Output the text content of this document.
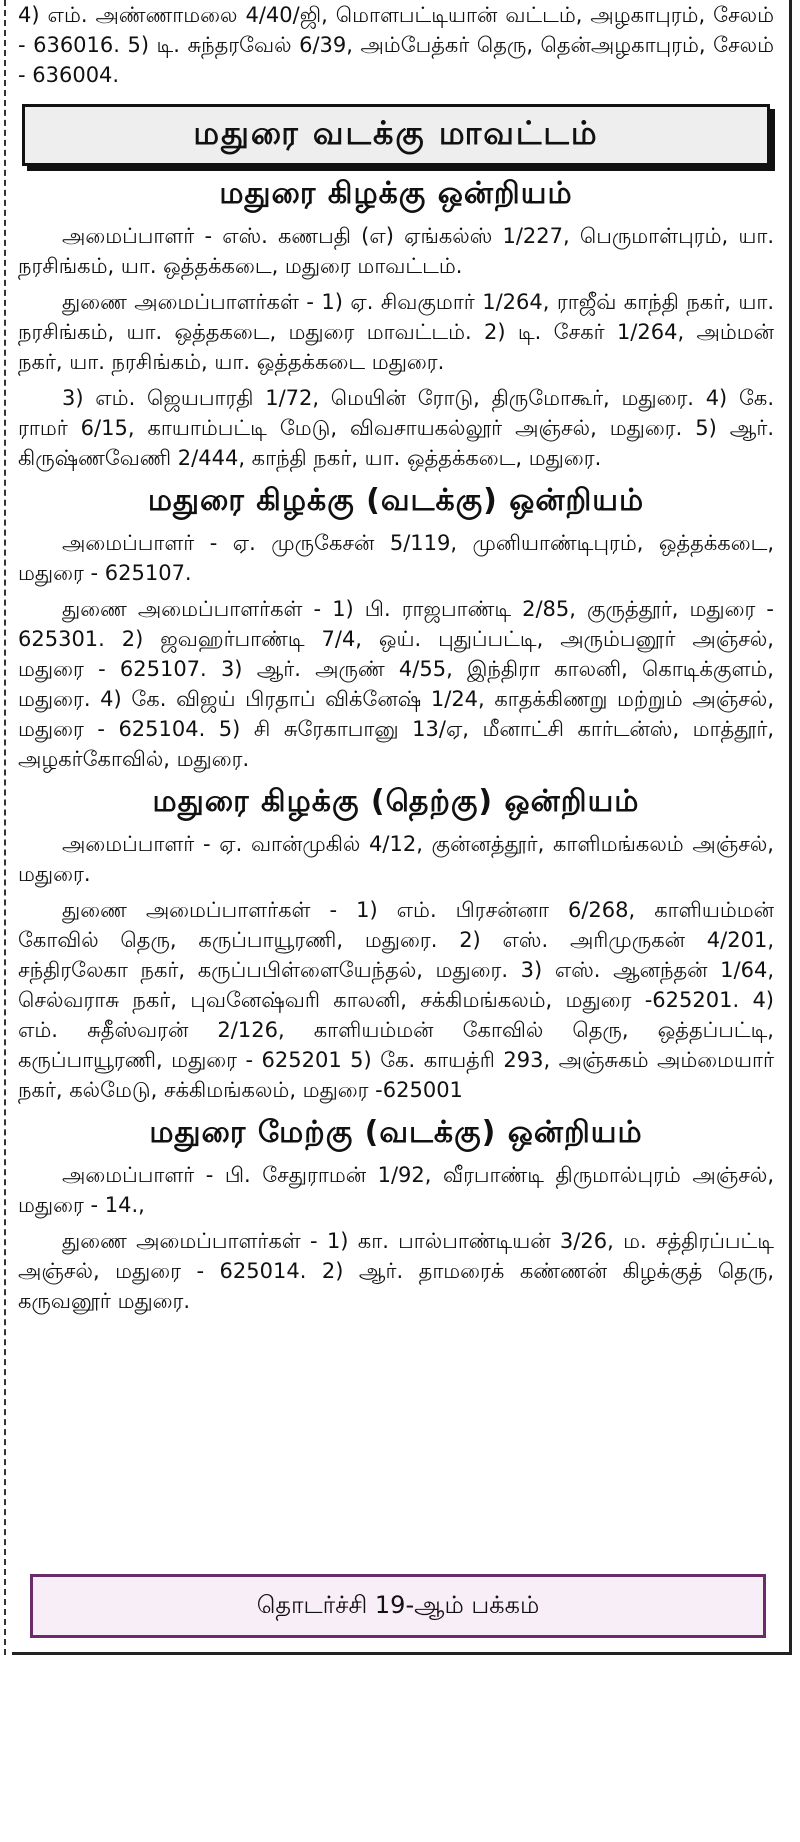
4) எம். அண்ணாமலை 4/40/ஜி, மொளபட்டியான் வட்டம், அழகாபுரம், சேலம் - 636016. 5) டி. சுந்தரவேல் 6/39, அம்பேத்கர் தெரு, தென்அழகாபுரம், சேலம் - 636004.

மதுரை வடக்கு மாவட்டம்
மதுரை கிழக்கு ஒன்றியம்

அமைப்பாளர் - எஸ். கணபதி (எ) ஏங்கல்ஸ் 1/227, பெருமாள்புரம், யா. நரசிங்கம், யா. ஒத்தக்கடை, மதுரை மாவட்டம்.

துணை அமைப்பாளர்கள் - 1) ஏ. சிவகுமார் 1/264, ராஜீவ் காந்தி நகர், யா. நரசிங்கம், யா. ஒத்தகடை, மதுரை மாவட்டம். 2) டி. சேகர் 1/264, அம்மன் நகர், யா. நரசிங்கம், யா. ஒத்தக்கடை மதுரை.

3) எம். ஜெயபாரதி 1/72, மெயின் ரோடு, திருமோகூர், மதுரை. 4) கே. ராமர் 6/15, காயாம்பட்டி மேடு, விவசாயகல்லூர் அஞ்சல், மதுரை. 5) ஆர். கிருஷ்ணவேணி 2/444, காந்தி நகர், யா. ஒத்தக்கடை, மதுரை.

மதுரை கிழக்கு (வடக்கு) ஒன்றியம்

அமைப்பாளர் - ஏ. முருகேசன் 5/119, முனியாண்டிபுரம், ஒத்தக்கடை, மதுரை - 625107.

துணை அமைப்பாளர்கள் - 1) பி. ராஜபாண்டி 2/85, குருத்தூர், மதுரை - 625301. 2) ஜவஹர்பாண்டி 7/4, ஒய். புதுப்பட்டி, அரும்பனூர் அஞ்சல், மதுரை - 625107. 3) ஆர். அருண் 4/55, இந்திரா காலனி, கொடிக்குளம், மதுரை. 4) கே. விஜய் பிரதாப் விக்னேஷ் 1/24, காதக்கிணறு மற்றும் அஞ்சல், மதுரை - 625104. 5) சி சுரேகாபானு 13/ஏ, மீனாட்சி கார்டன்ஸ், மாத்தூர், அழகர்கோவில், மதுரை.

மதுரை கிழக்கு (தெற்கு) ஒன்றியம்

அமைப்பாளர் - ஏ. வான்முகில் 4/12, குன்னத்தூர், காளிமங்கலம் அஞ்சல், மதுரை.

துணை அமைப்பாளர்கள் - 1) எம். பிரசன்னா 6/268, காளியம்மன் கோவில் தெரு, கருப்பாயூரணி, மதுரை. 2) எஸ். அரிமுருகன் 4/201, சந்திரலேகா நகர், கருப்பபிள்ளையேந்தல், மதுரை. 3) எஸ். ஆனந்தன் 1/64, செல்வராசு நகர், புவனேஷ்வரி காலனி, சக்கிமங்கலம், மதுரை -625201. 4) எம். சுதீஸ்வரன் 2/126, காளியம்மன் கோவில் தெரு, ஒத்தப்பட்டி, கருப்பாயூரணி, மதுரை - 625201 5) கே. காயத்ரி 293, அஞ்சுகம் அம்மையார் நகர், கல்மேடு, சக்கிமங்கலம், மதுரை -625001

மதுரை மேற்கு (வடக்கு) ஒன்றியம்

அமைப்பாளர் - பி. சேதுராமன் 1/92, வீரபாண்டி திருமால்புரம் அஞ்சல், மதுரை - 14.,

துணை அமைப்பாளர்கள் - 1) கா. பால்பாண்டியன் 3/26, ம. சத்திரப்பட்டி அஞ்சல், மதுரை - 625014. 2) ஆர். தாமரைக் கண்ணன் கிழக்குத் தெரு, கருவனூர் மதுரை.

தொடர்ச்சி 19-ஆம் பக்கம்
